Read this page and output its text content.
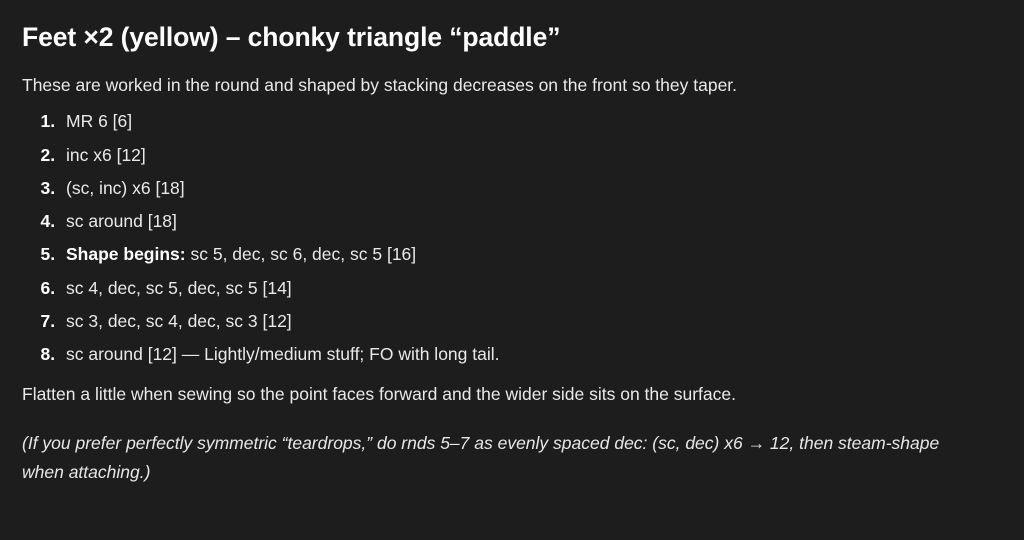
Feet ×2 (yellow) – chonky triangle “paddle”

These are worked in the round and shaped by stacking decreases on the front so they taper.

1. MR 6 [6]
2. inc x6 [12]
3. (sc, inc) x6 [18]
4. sc around [18]
5. Shape begins: sc 5, dec, sc 6, dec, sc 5 [16]
6. sc 4, dec, sc 5, dec, sc 5 [14]
7. sc 3, dec, sc 4, dec, sc 3 [12]
8. sc around [12] — Lightly/medium stuff; FO with long tail.

Flatten a little when sewing so the point faces forward and the wider side sits on the surface.

(If you prefer perfectly symmetric “teardrops,” do rnds 5–7 as evenly spaced dec: (sc, dec) x6 → 12, then steam-shape when attaching.)
